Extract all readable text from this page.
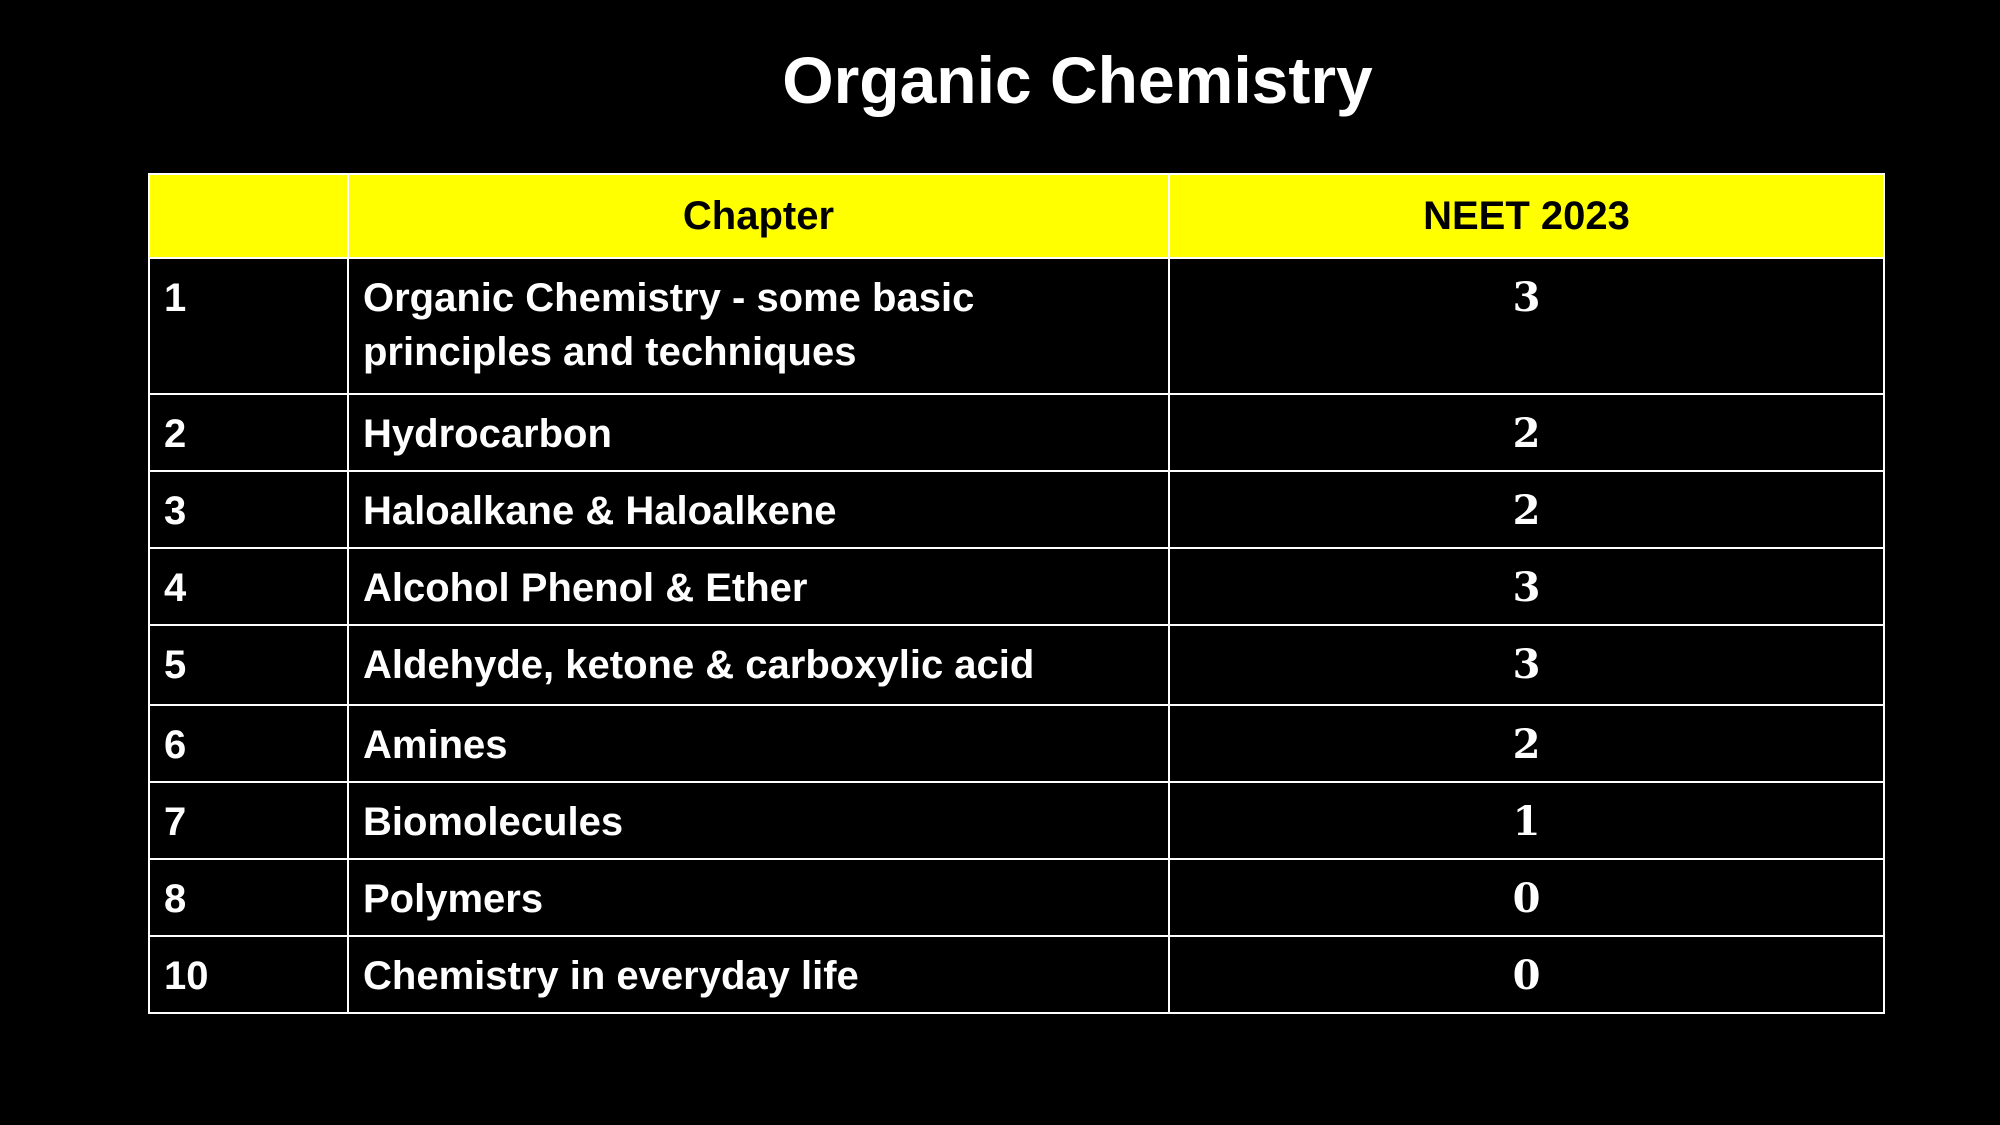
Organic Chemistry
	Chapter	NEET 2023
1	Organic Chemistry - some basic principles and techniques	3
2	Hydrocarbon	2
3	Haloalkane & Haloalkene	2
4	Alcohol Phenol & Ether	3
5	Aldehyde, ketone & carboxylic acid	3
6	Amines	2
7	Biomolecules	1
8	Polymers	0
10	Chemistry in everyday life	0
